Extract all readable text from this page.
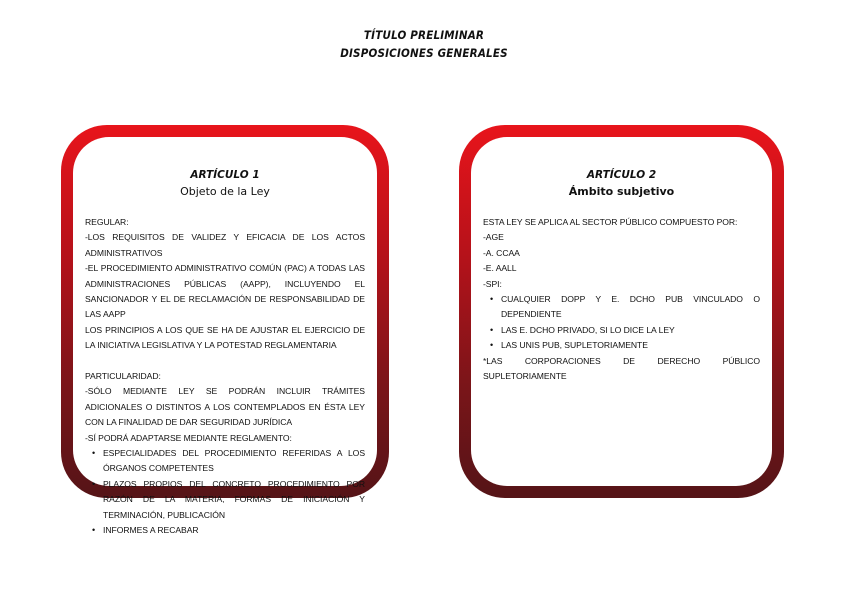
TÍTULO PRELIMINAR
DISPOSICIONES GENERALES
ARTÍCULO 1
Objeto de la Ley
REGULAR:
-LOS REQUISITOS DE VALIDEZ Y EFICACIA DE LOS ACTOS ADMINISTRATIVOS
-EL PROCEDIMIENTO ADMINISTRATIVO COMÚN (PAC) A TODAS LAS ADMINISTRACIONES PÚBLICAS (AAPP), INCLUYENDO EL SANCIONADOR Y EL DE RECLAMACIÓN DE RESPONSABILIDAD DE LAS AAPP
LOS PRINCIPIOS A LOS QUE SE HA DE AJUSTAR EL EJERCICIO DE LA INICIATIVA LEGISLATIVA Y LA POTESTAD REGLAMENTARIA
PARTICULARIDAD:
-SÓLO MEDIANTE LEY SE PODRÁN INCLUIR TRÁMITES ADICIONALES O DISTINTOS A LOS CONTEMPLADOS EN ÉSTA LEY CON LA FINALIDAD DE DAR SEGURIDAD JURÍDICA
-SÍ PODRÁ ADAPTARSE MEDIANTE REGLAMENTO:
• ESPECIALIDADES DEL PROCEDIMIENTO REFERIDAS A LOS ÓRGANOS COMPETENTES
• PLAZOS PROPIOS DEL CONCRETO PROCEDIMIENTO POR RAZÓN DE LA MATERIA, FORMAS DE INICIACIÓN Y TERMINACIÓN, PUBLICACIÓN
• INFORMES A RECABAR
ARTÍCULO 2
Ámbito subjetivo
ESTA LEY SE APLICA AL SECTOR PÚBLICO COMPUESTO POR:
-AGE
-A. CCAA
-E. AALL
-SPI:
• CUALQUIER DOPP Y E. DCHO PUB VINCULADO O DEPENDIENTE
• LAS E. DCHO PRIVADO, SI LO DICE LA LEY
• LAS UNIS PUB, SUPLETORIAMENTE
*LAS CORPORACIONES DE DERECHO PÚBLICO SUPLETORIAMENTE
